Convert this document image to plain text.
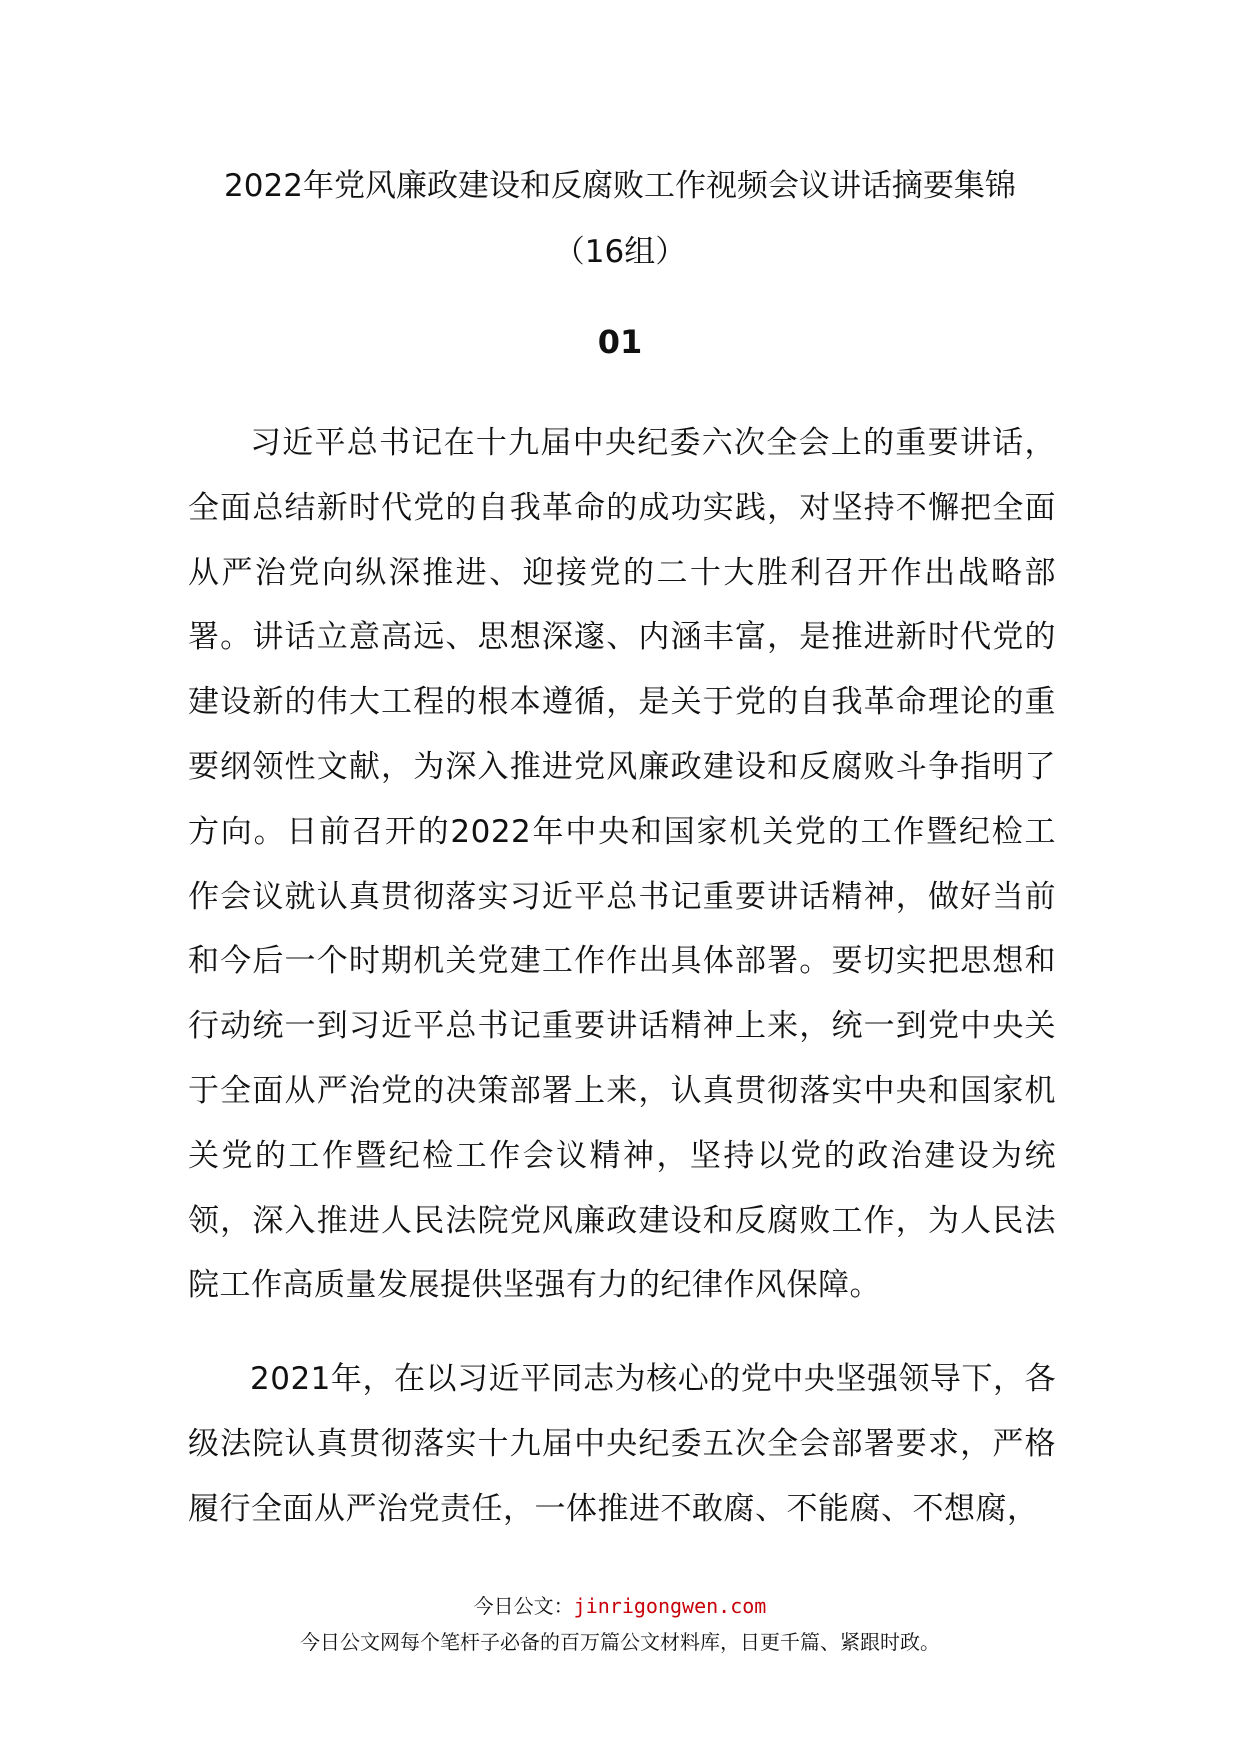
2022年党风廉政建设和反腐败工作视频会议讲话摘要集锦
（16组）
01

习近平总书记在十九届中央纪委六次全会上的重要讲话，全面总结新时代党的自我革命的成功实践，对坚持不懈把全面从严治党向纵深推进、迎接党的二十大胜利召开作出战略部署。讲话立意高远、思想深邃、内涵丰富，是推进新时代党的建设新的伟大工程的根本遵循，是关于党的自我革命理论的重要纲领性文献，为深入推进党风廉政建设和反腐败斗争指明了方向。日前召开的2022年中央和国家机关党的工作暨纪检工作会议就认真贯彻落实习近平总书记重要讲话精神，做好当前和今后一个时期机关党建工作作出具体部署。要切实把思想和行动统一到习近平总书记重要讲话精神上来，统一到党中央关于全面从严治党的决策部署上来，认真贯彻落实中央和国家机关党的工作暨纪检工作会议精神，坚持以党的政治建设为统领，深入推进人民法院党风廉政建设和反腐败工作，为人民法院工作高质量发展提供坚强有力的纪律作风保障。

2021年，在以习近平同志为核心的党中央坚强领导下，各级法院认真贯彻落实十九届中央纪委五次全会部署要求，严格履行全面从严治党责任，一体推进不敢腐、不能腐、不想腐，

今日公文：jinrigongwen.com
今日公文网每个笔杆子必备的百万篇公文材料库，日更千篇、紧跟时政。
